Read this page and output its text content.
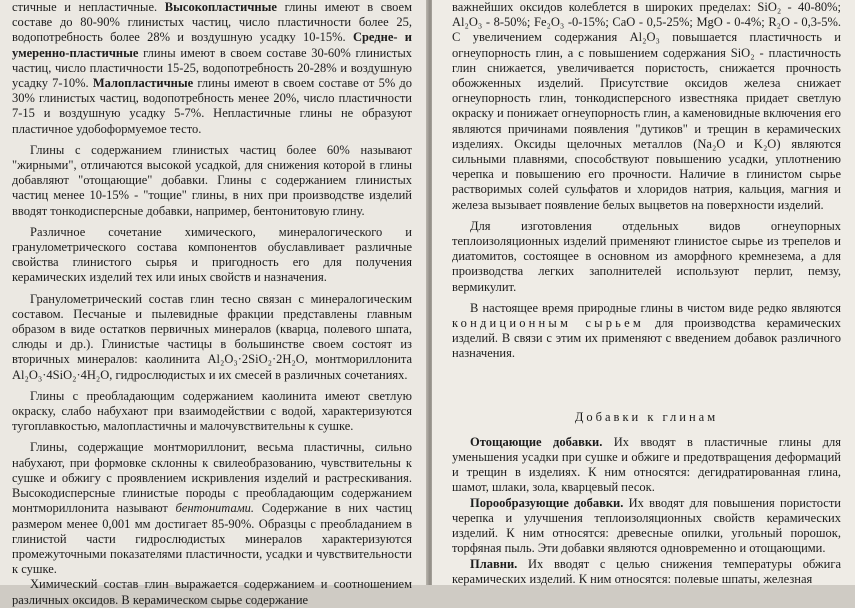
стичные и непластичные. Высокопластичные глины имеют в своем составе до 80-90% глинистых частиц, число пластичности более 25, водопотребность более 28% и воздушную усадку 10-15%. Средне- и умеренно-пластичные глины имеют в своем составе 30-60% глинистых частиц, число пластичности 15-25, водопотребность 20-28% и воздушную усадку 7-10%. Малопластичные глины имеют в своем составе от 5% до 30% глинистых частиц, водопотребность менее 20%, число пластичности 7-15 и воздушную усадку 5-7%. Непластичные глины не образуют пластичное удобоформуемое тесто.

Глины с содержанием глинистых частиц более 60% называют "жирными", отличаются высокой усадкой, для снижения которой в глины добавляют "отощающие" добавки. Глины с содержанием глинистых частиц менее 10-15% - "тощие" глины, в них при производстве изделий вводят тонкодисперсные добавки, например, бентонитовую глину.

Различное сочетание химического, минералогического и гранулометрического состава компонентов обуславливает различные свойства глинистого сырья и пригодность его для получения керамических изделий тех или иных свойств и назначения.

Гранулометрический состав глин тесно связан с минералогическим составом. Песчаные и пылевидные фракции представлены главным образом в виде остатков первичных минералов (кварца, полевого шпата, слюды и др.). Глинистые частицы в большинстве своем состоят из вторичных минералов: каолинита Al₂O₃·2SiO₂·2H₂O, монтмориллонита Al₂O₃·4SiO₂·4H₂O, гидрослюдистых и их смесей в различных сочетаниях.

Глины с преобладающим содержанием каолинита имеют светлую окраску, слабо набухают при взаимодействии с водой, характеризуются тугоплавкостью, малопластичны и малочувствительны к сушке.

Глины, содержащие монтмориллонит, весьма пластичны, сильно набухают, при формовке склонны к свилеобразованию, чувствительны к сушке и обжигу с проявлением искривления изделий и растрескивания. Высокодисперсные глинистые породы с преобладающим содержанием монтмориллонита называют бентонитами. Содержание в них частиц размером менее 0,001 мм достигает 85-90%. Образцы с преобладанием в глинистой части гидрослюдистых минералов характеризуются промежуточными показателями пластичности, усадки и чувствительности к сушке.

Химический состав глин выражается содержанием и соотношением различных оксидов. В керамическом сырье содержание

важнейших оксидов колеблется в широких пределах: SiO₂ - 40-80%; Al₂O₃ - 8-50%; Fe₂O₃ -0-15%; CaO - 0,5-25%; MgO - 0-4%; R₂O - 0,3-5%. С увеличением содержания Al₂O₃ повышается пластичность и огнеупорность глин, а с повышением содержания SiO₂ - пластичность глин снижается, увеличивается пористость, снижается прочность обожженных изделий. Присутствие оксидов железа снижает огнеупорность глин, тонкодисперсного известняка придает светлую окраску и понижает огнеупорность глин, а каменовидные включения его являются причинами появления "дутиков" и трещин в керамических изделиях. Оксиды щелочных металлов (Na₂O и K₂O) являются сильными плавнями, способствуют повышению усадки, уплотнению черепка и повышению его прочности. Наличие в глинистом сырье растворимых солей сульфатов и хлоридов натрия, кальция, магния и железа вызывает появление белых выцветов на поверхности изделий.

Для изготовления отдельных видов огнеупорных теплоизоляционных изделий применяют глинистое сырье из трепелов и диатомитов, состоящее в основном из аморфного кремнезема, а для производства легких заполнителей используют перлит, пемзу, вермикулит.

В настоящее время природные глины в чистом виде редко являются кондиционным сырьем для производства керамических изделий. В связи с этим их применяют с введением добавок различного назначения.

Добавки к глинам

Отощающие добавки. Их вводят в пластичные глины для уменьшения усадки при сушке и обжиге и предотвращения деформаций и трещин в изделиях. К ним относятся: дегидратированная глина, шамот, шлаки, зола, кварцевый песок.

Порообразующие добавки. Их вводят для повышения пористости черепка и улучшения теплоизоляционных свойств керамических изделий. К ним относятся: древесные опилки, угольный порошок, торфяная пыль. Эти добавки являются одновременно и отощающими.

Плавни. Их вводят с целью снижения температуры обжига керамических изделий. К ним относятся: полевые шпаты, железная
